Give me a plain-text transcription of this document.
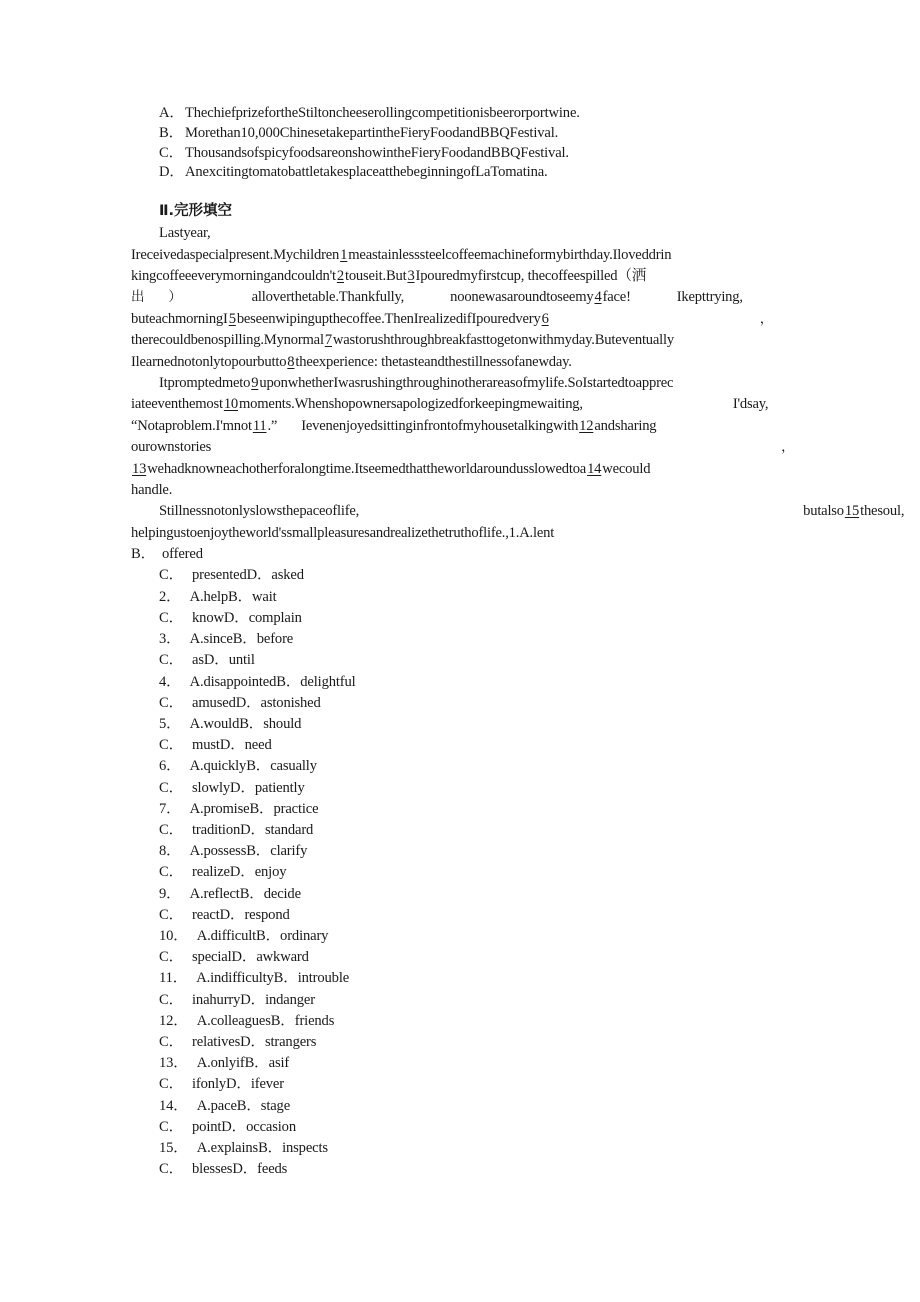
A．ThechiefprizefortheStiltoncheeserollingcompetitionisbeerorportwine.
B． Morethan10,000ChinesetakepartintheFieryFoodandBBQFestival.
C． ThousandsofspicyfoodsareonshowintheFieryFoodandBBQFestival.
D．AnexcitingtomatobattletakesplaceatthebeginningofLaTomatina.
Ⅱ.完形填空
Lastyear,
Ireceivedaspecialpresent.Mychildren1meastainlesssteelcoffeemachineformybirthday.Iloveddrin
kingcoffeeeverymorningandcouldn't2touseit.But3Ipouredmyfirstcup, thecoffeespilled（洒
出 ）	alloverthetable.Thankfully,	noonewasaroundtoseemy4face!	Ikepttrying,
buteachmorningI5beseenwipingupthecoffee.ThenIrealizedifIpouredvery6	，
therecouldbenospilling.Mynormal7wastorushthroughbreakfasttogetonwithmyday.Buteventually
Ilearnednotonlytopourbutto8theexperience: thetasteandthestillnessofanewday.
Itpromptedmeto9uponwhetherIwasrushingthroughinotherareasofmylife.SoIstartedtoapprec
iateeventhemost10moments.Whenshopownersapologizedforkeepingmewaiting,	I'dsay,
“Notaproblem.I'mnot11.” Ievenenjoyedsittinginfrontofmyhousetalkingwith12andsharing
ourownstories	，
13wehadknowneachotherforalongtime.Itseemedthattheworldaroundusslowedtoa14wecould
handle.
Stillnessnotonlyslowsthepaceoflife,	butalso15thesoul,
helpingustoenjoytheworld'ssmallpleasuresandrealizethetruthoflife.,1.A.lent
B． offered
C． presentedD．asked
2． A.helpB．wait
C． knowD．complain
3． A.sinceB．before
C． asD．until
4． A.disappointedB．delightful
C． amusedD．astonished
5． A.wouldB．should
C． mustD．need
6． A.quicklyB．casually
C． slowlyD．patiently
7． A.promiseB．practice
C． traditionD．standard
8． A.possessB．clarify
C． realizeD．enjoy
9． A.reflectB．decide
C． reactD．respond
10． A.difficultB．ordinary
C． specialD．awkward
11． A.indifficultyB．introuble
C． inahurryD．indanger
12． A.colleaguesB．friends
C． relativesD．strangers
13． A.onlyifB．asif
C． ifonlyD．ifever
14． A.paceB．stage
C． pointD．occasion
15． A.explainsB．inspects
C． blessesD．feeds
